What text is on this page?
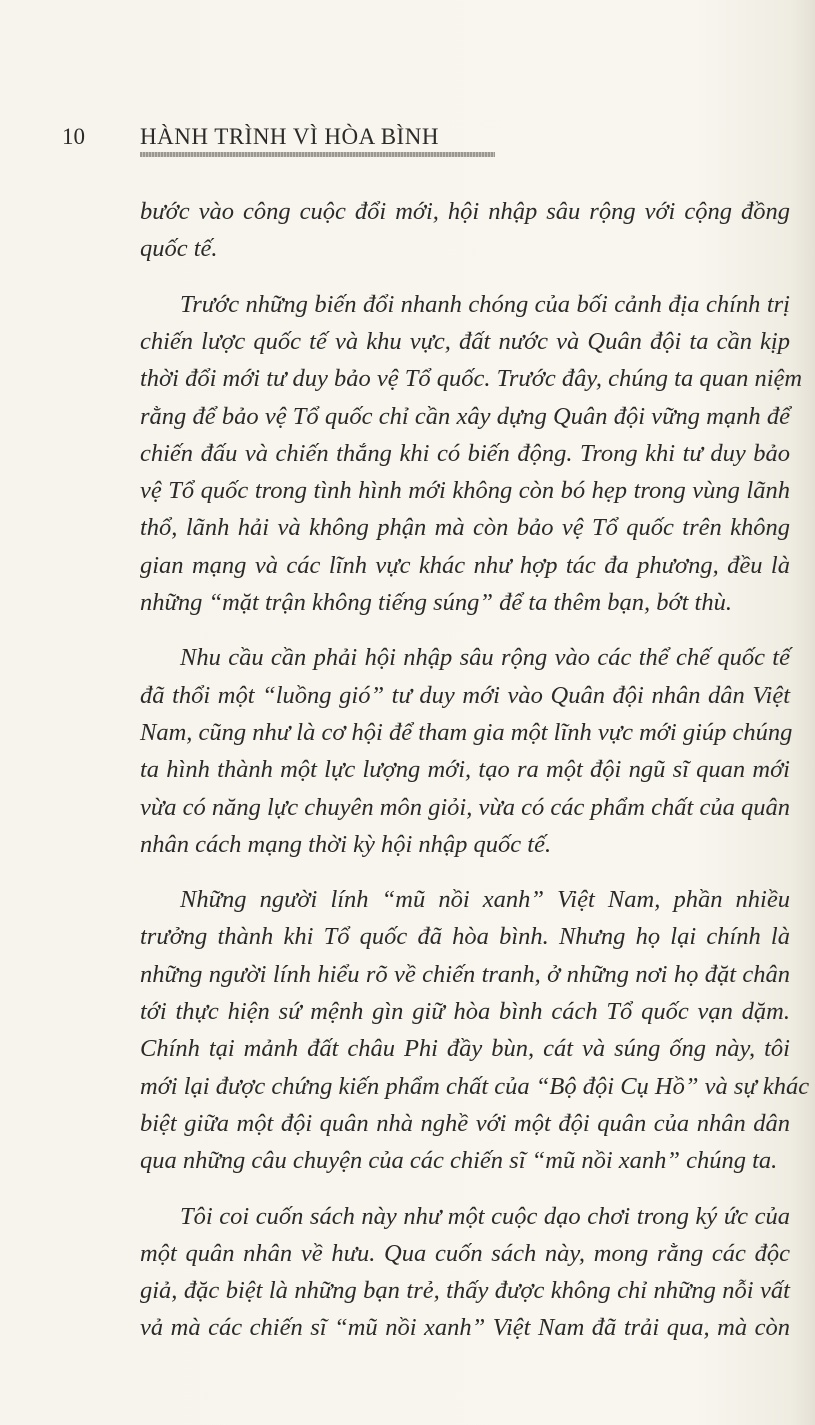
10 HÀNH TRÌNH VÌ HÒA BÌNH
bước vào công cuộc đổi mới, hội nhập sâu rộng với cộng đồng
quốc tế.
Trước những biến đổi nhanh chóng của bối cảnh địa chính trị
chiến lược quốc tế và khu vực, đất nước và Quân đội ta cần kịp
thời đổi mới tư duy bảo vệ Tổ quốc. Trước đây, chúng ta quan niệm
rằng để bảo vệ Tổ quốc chỉ cần xây dựng Quân đội vững mạnh để
chiến đấu và chiến thắng khi có biến động. Trong khi tư duy bảo
vệ Tổ quốc trong tình hình mới không còn bó hẹp trong vùng lãnh
thổ, lãnh hải và không phận mà còn bảo vệ Tổ quốc trên không
gian mạng và các lĩnh vực khác như hợp tác đa phương, đều là
những “mặt trận không tiếng súng” để ta thêm bạn, bớt thù.
Nhu cầu cần phải hội nhập sâu rộng vào các thể chế quốc tế
đã thổi một “luồng gió” tư duy mới vào Quân đội nhân dân Việt
Nam, cũng như là cơ hội để tham gia một lĩnh vực mới giúp chúng
ta hình thành một lực lượng mới, tạo ra một đội ngũ sĩ quan mới
vừa có năng lực chuyên môn giỏi, vừa có các phẩm chất của quân
nhân cách mạng thời kỳ hội nhập quốc tế.
Những người lính “mũ nồi xanh” Việt Nam, phần nhiều
trưởng thành khi Tổ quốc đã hòa bình. Nhưng họ lại chính là
những người lính hiểu rõ về chiến tranh, ở những nơi họ đặt chân
tới thực hiện sứ mệnh gìn giữ hòa bình cách Tổ quốc vạn dặm.
Chính tại mảnh đất châu Phi đầy bùn, cát và súng ống này, tôi
mới lại được chứng kiến phẩm chất của “Bộ đội Cụ Hồ” và sự khác
biệt giữa một đội quân nhà nghề với một đội quân của nhân dân
qua những câu chuyện của các chiến sĩ “mũ nồi xanh” chúng ta.
Tôi coi cuốn sách này như một cuộc dạo chơi trong ký ức của
một quân nhân về hưu. Qua cuốn sách này, mong rằng các độc
giả, đặc biệt là những bạn trẻ, thấy được không chỉ những nỗi vất
vả mà các chiến sĩ “mũ nồi xanh” Việt Nam đã trải qua, mà còn
